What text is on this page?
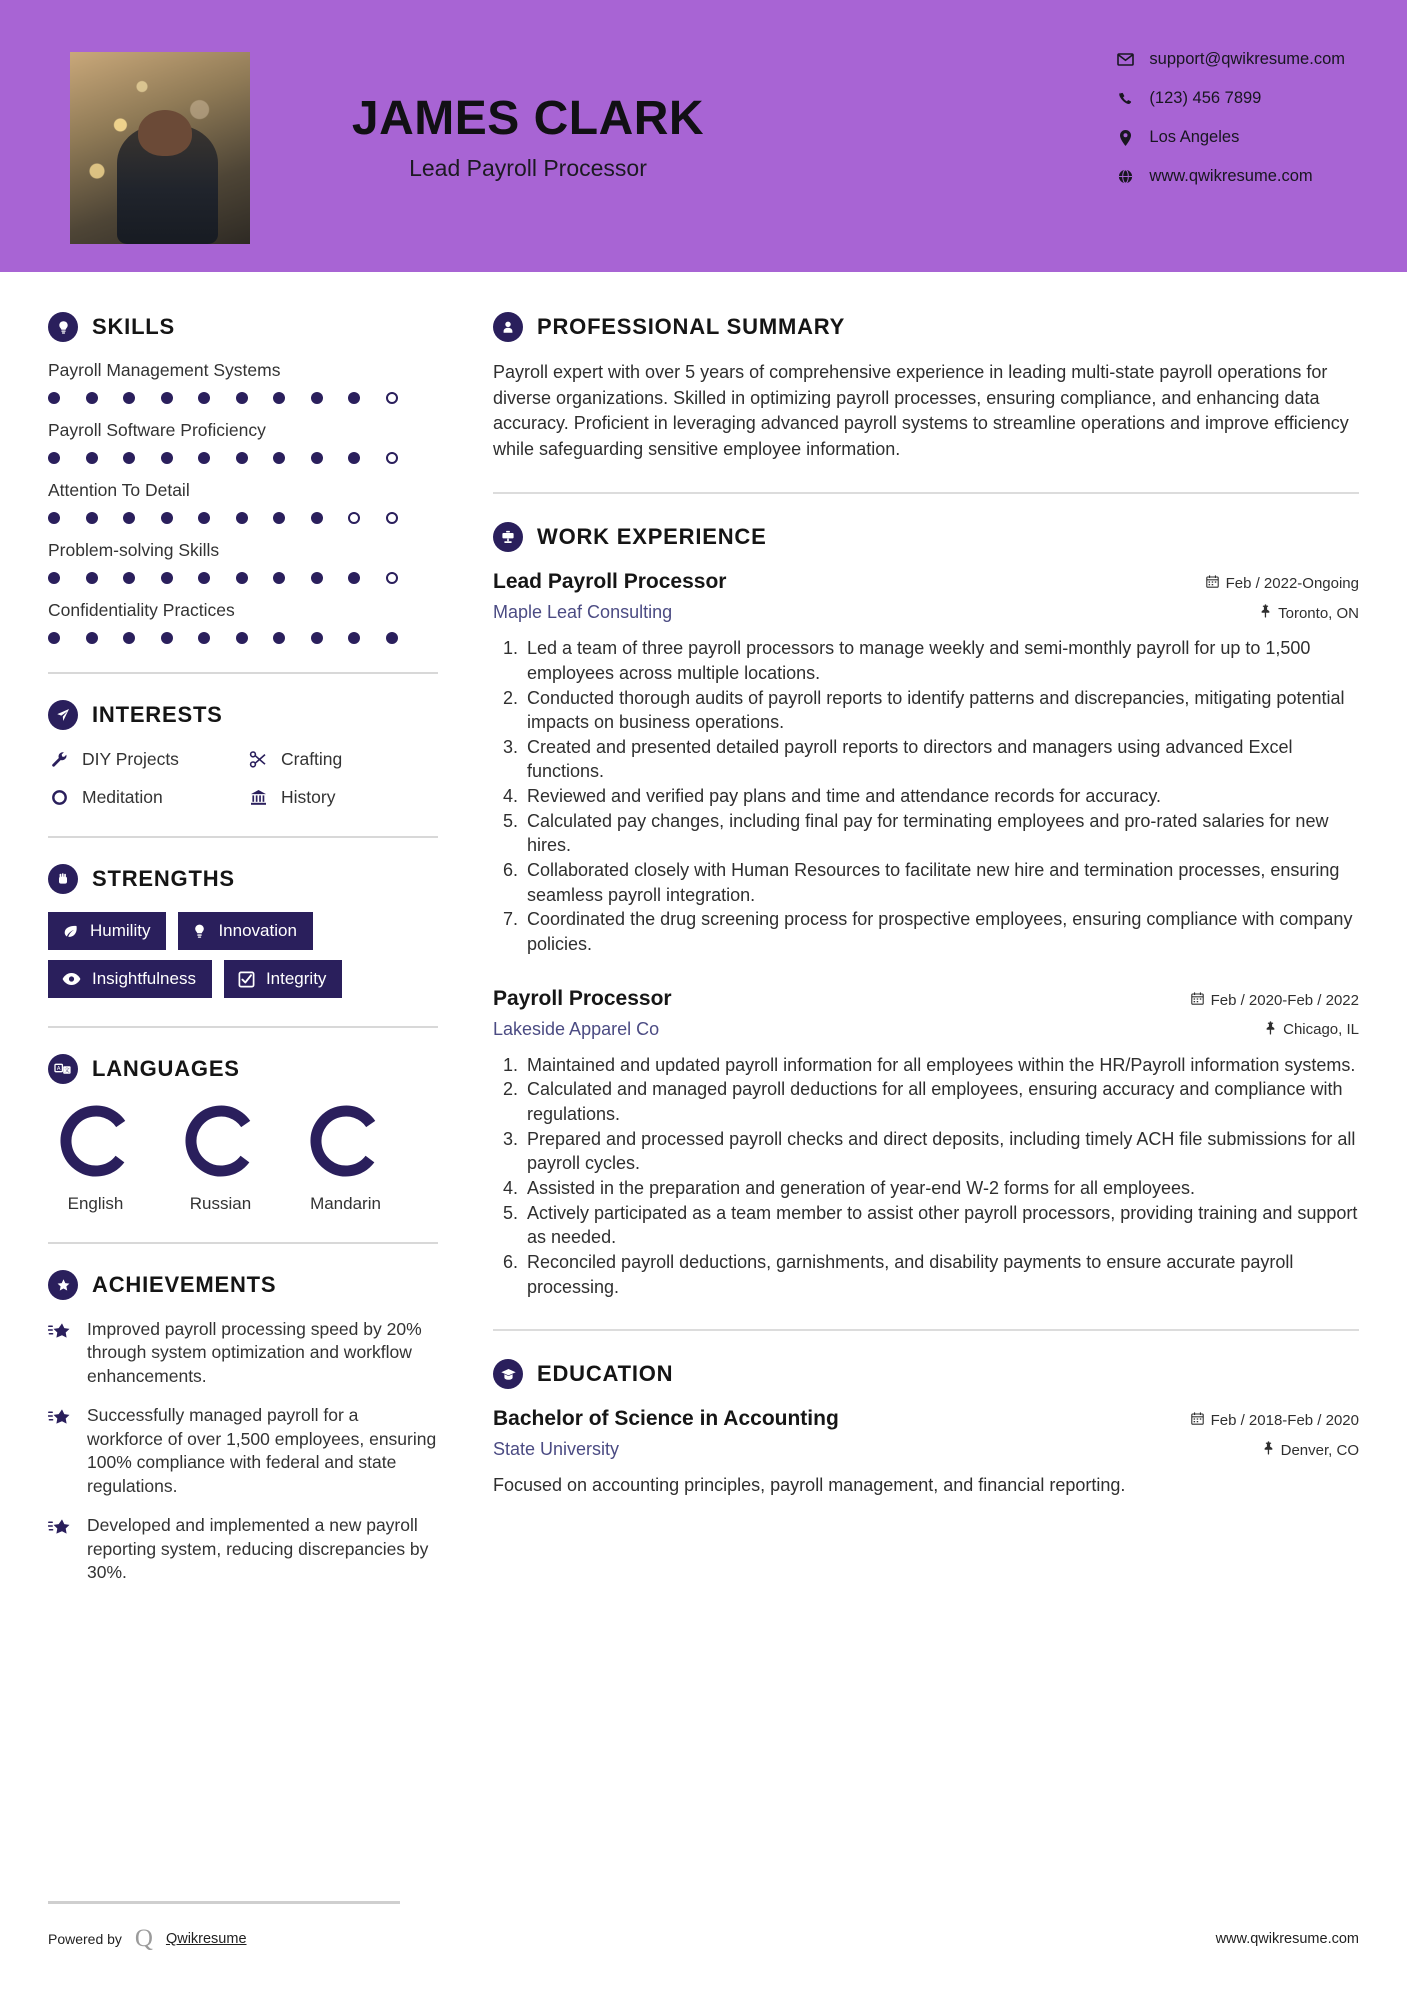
JAMES CLARK
Lead Payroll Processor
support@qwikresume.com
(123) 456 7899
Los Angeles
www.qwikresume.com
SKILLS
Payroll Management Systems
Payroll Software Proficiency
Attention To Detail
Problem-solving Skills
Confidentiality Practices
INTERESTS
DIY Projects	Crafting
Meditation	History
STRENGTHS
Humility	Innovation
Insightfulness	Integrity
A 文 LANGUAGES
English	Russian	Mandarin
ACHIEVEMENTS
Improved payroll processing speed by 20% through system optimization and workflow enhancements.
Successfully managed payroll for a workforce of over 1,500 employees, ensuring 100% compliance with federal and state regulations.
Developed and implemented a new payroll reporting system, reducing discrepancies by 30%.
PROFESSIONAL SUMMARY
Payroll expert with over 5 years of comprehensive experience in leading multi-state payroll operations for diverse organizations. Skilled in optimizing payroll processes, ensuring compliance, and enhancing data accuracy. Proficient in leveraging advanced payroll systems to streamline operations and improve efficiency while safeguarding sensitive employee information.
WORK EXPERIENCE
Lead Payroll Processor	Feb / 2022-Ongoing
Maple Leaf Consulting	Toronto, ON
1. Led a team of three payroll processors to manage weekly and semi-monthly payroll for up to 1,500 employees across multiple locations.
2. Conducted thorough audits of payroll reports to identify patterns and discrepancies, mitigating potential impacts on business operations.
3. Created and presented detailed payroll reports to directors and managers using advanced Excel functions.
4. Reviewed and verified pay plans and time and attendance records for accuracy.
5. Calculated pay changes, including final pay for terminating employees and pro-rated salaries for new hires.
6. Collaborated closely with Human Resources to facilitate new hire and termination processes, ensuring seamless payroll integration.
7. Coordinated the drug screening process for prospective employees, ensuring compliance with company policies.
Payroll Processor	Feb / 2020-Feb / 2022
Lakeside Apparel Co	Chicago, IL
1. Maintained and updated payroll information for all employees within the HR/Payroll information systems.
2. Calculated and managed payroll deductions for all employees, ensuring accuracy and compliance with regulations.
3. Prepared and processed payroll checks and direct deposits, including timely ACH file submissions for all payroll cycles.
4. Assisted in the preparation and generation of year-end W-2 forms for all employees.
5. Actively participated as a team member to assist other payroll processors, providing training and support as needed.
6. Reconciled payroll deductions, garnishments, and disability payments to ensure accurate payroll processing.
EDUCATION
Bachelor of Science in Accounting	Feb / 2018-Feb / 2020
State University	Denver, CO
Focused on accounting principles, payroll management, and financial reporting.
Powered by Q Qwikresume	www.qwikresume.com
